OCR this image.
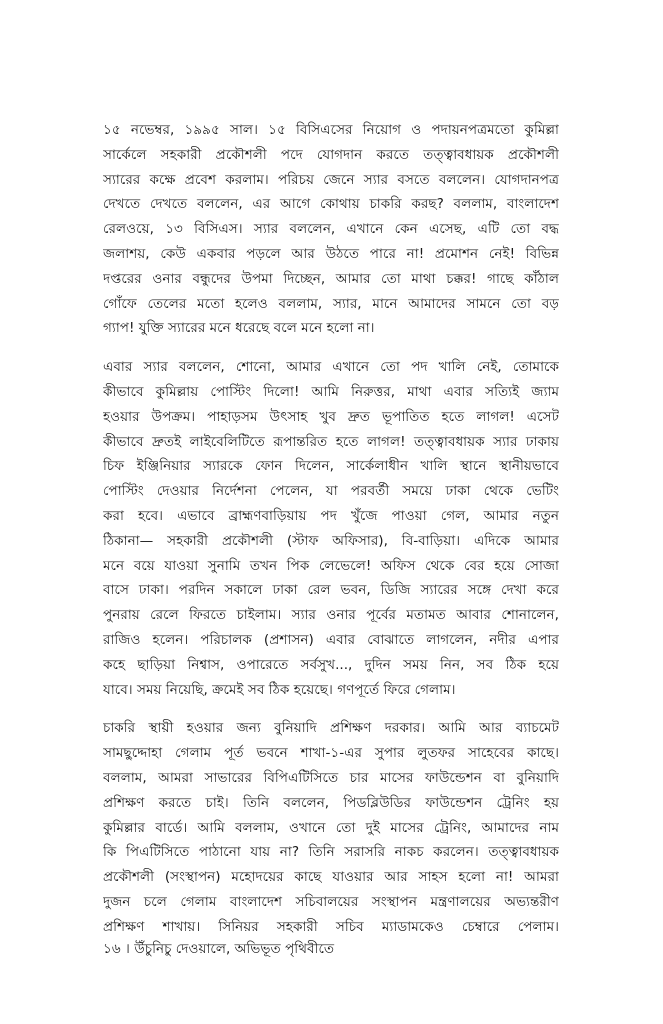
১৫ নভেম্বর, ১৯৯৫ সাল। ১৫ বিসিএসের নিয়োগ ও পদায়নপত্রমতো কুমিল্লা
সার্কেলে সহকারী প্রকৌশলী পদে যোগদান করতে তত্ত্বাবধায়ক প্রকৌশলী
স্যারের কক্ষে প্রবেশ করলাম। পরিচয় জেনে স্যার বসতে বললেন। যোগদানপত্র
দেখতে দেখতে বললেন, এর আগে কোথায় চাকরি করছ? বললাম, বাংলাদেশ
রেলওয়ে, ১৩ বিসিএস। স্যার বললেন, এখানে কেন এসেছ, এটি তো বদ্ধ
জলাশয়, কেউ একবার পড়লে আর উঠতে পারে না! প্রমোশন নেই! বিভিন্ন
দপ্তরের ওনার বন্ধুদের উপমা দিচ্ছেন, আমার তো মাথা চক্কর! গাছে কাঁঠাল
গোঁফে তেলের মতো হলেও বললাম, স্যার, মানে আমাদের সামনে তো বড়
গ্যাপ! যুক্তি স্যারের মনে ধরেছে বলে মনে হলো না।

এবার স্যার বললেন, শোনো, আমার এখানে তো পদ খালি নেই, তোমাকে
কীভাবে কুমিল্লায় পোস্টিং দিলো! আমি নিরুত্তর, মাথা এবার সত্যিই জ্যাম
হওয়ার উপক্রম। পাহাড়সম উৎসাহ খুব দ্রুত ভূপাতিত হতে লাগল! এসেট
কীভাবে দ্রুতই লাইবেলিটিতে রূপান্তরিত হতে লাগল! তত্ত্বাবধায়ক স্যার ঢাকায়
চিফ ইঞ্জিনিয়ার স্যারকে ফোন দিলেন, সার্কেলাধীন খালি স্থানে স্থানীয়ভাবে
পোস্টিং দেওয়ার নির্দেশনা পেলেন, যা পরবর্তী সময়ে ঢাকা থেকে ভেটিং
করা হবে। এভাবে ব্রাহ্মণবাড়িয়ায় পদ খুঁজে পাওয়া গেল, আমার নতুন
ঠিকানা— সহকারী প্রকৌশলী (স্টাফ অফিসার), বি-বাড়িয়া। এদিকে আমার
মনে বয়ে যাওয়া সুনামি তখন পিক লেভেলে! অফিস থেকে বের হয়ে সোজা
বাসে ঢাকা। পরদিন সকালে ঢাকা রেল ভবন, ডিজি স্যারের সঙ্গে দেখা করে
পুনরায় রেলে ফিরতে চাইলাম। স্যার ওনার পূর্বের মতামত আবার শোনালেন,
রাজিও হলেন। পরিচালক (প্রশাসন) এবার বোঝাতে লাগলেন, নদীর এপার
কহে ছাড়িয়া নিশ্বাস, ওপারেতে সর্বসুখ..., দুদিন সময় নিন, সব ঠিক হয়ে
যাবে। সময় নিয়েছি, ক্রমেই সব ঠিক হয়েছে। গণপূর্তে ফিরে গেলাম।

চাকরি স্থায়ী হওয়ার জন্য বুনিয়াদি প্রশিক্ষণ দরকার। আমি আর ব্যাচমেট
সামছুদ্দোহা গেলাম পূর্ত ভবনে শাখা-১-এর সুপার লুতফর সাহেবের কাছে।
বললাম, আমরা সাভারের বিপিএটিসিতে চার মাসের ফাউন্ডেশন বা বুনিয়াদি
প্রশিক্ষণ করতে চাই। তিনি বললেন, পিডব্লিউডির ফাউন্ডেশন ট্রেনিং হয়
কুমিল্লার বার্ডে। আমি বললাম, ওখানে তো দুই মাসের ট্রেনিং, আমাদের নাম
কি পিএটিসিতে পাঠানো যায় না? তিনি সরাসরি নাকচ করলেন। তত্ত্বাবধায়ক
প্রকৌশলী (সংস্থাপন) মহোদয়ের কাছে যাওয়ার আর সাহস হলো না! আমরা
দুজন চলে গেলাম বাংলাদেশ সচিবালয়ের সংস্থাপন মন্ত্রণালয়ের অভ্যন্তরীণ
প্রশিক্ষণ শাখায়। সিনিয়র সহকারী সচিব ম্যাডামকেও চেম্বারে পেলাম।

১৬ । উঁচুনিচু দেওয়ালে, অভিভূত পৃথিবীতে
